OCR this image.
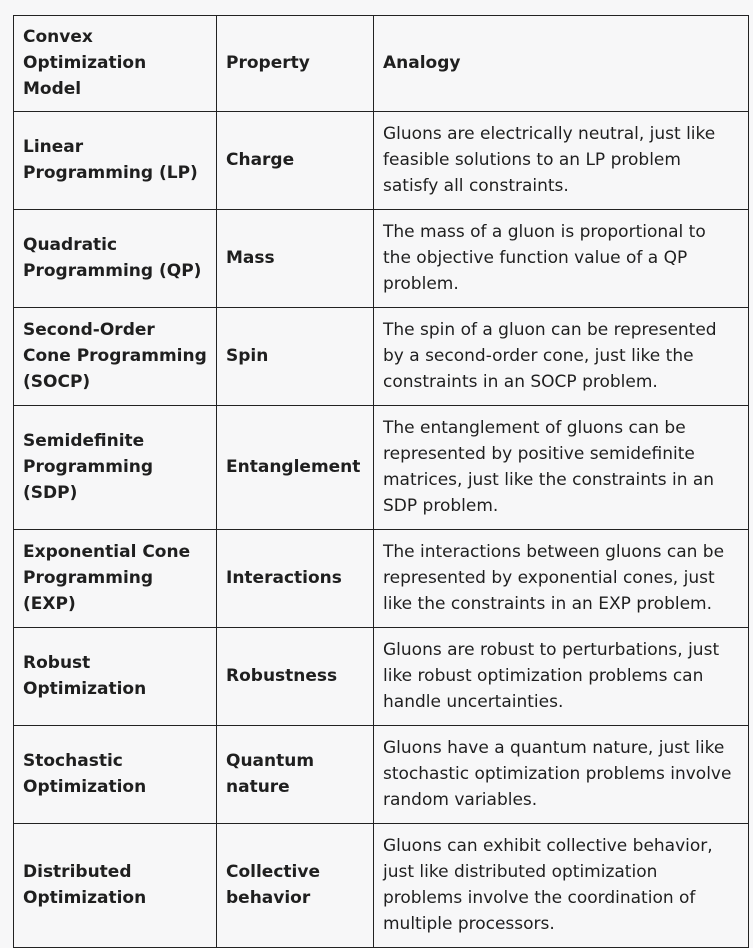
Convex Optimization Model	Property	Analogy
Linear Programming (LP)	Charge	Gluons are electrically neutral, just like feasible solutions to an LP problem satisfy all constraints.
Quadratic Programming (QP)	Mass	The mass of a gluon is proportional to the objective function value of a QP problem.
Second-Order Cone Programming (SOCP)	Spin	The spin of a gluon can be represented by a second-order cone, just like the constraints in an SOCP problem.
Semidefinite Programming (SDP)	Entanglement	The entanglement of gluons can be represented by positive semidefinite matrices, just like the constraints in an SDP problem.
Exponential Cone Programming (EXP)	Interactions	The interactions between gluons can be represented by exponential cones, just like the constraints in an EXP problem.
Robust Optimization	Robustness	Gluons are robust to perturbations, just like robust optimization problems can handle uncertainties.
Stochastic Optimization	Quantum nature	Gluons have a quantum nature, just like stochastic optimization problems involve random variables.
Distributed Optimization	Collective behavior	Gluons can exhibit collective behavior, just like distributed optimization problems involve the coordination of multiple processors.
